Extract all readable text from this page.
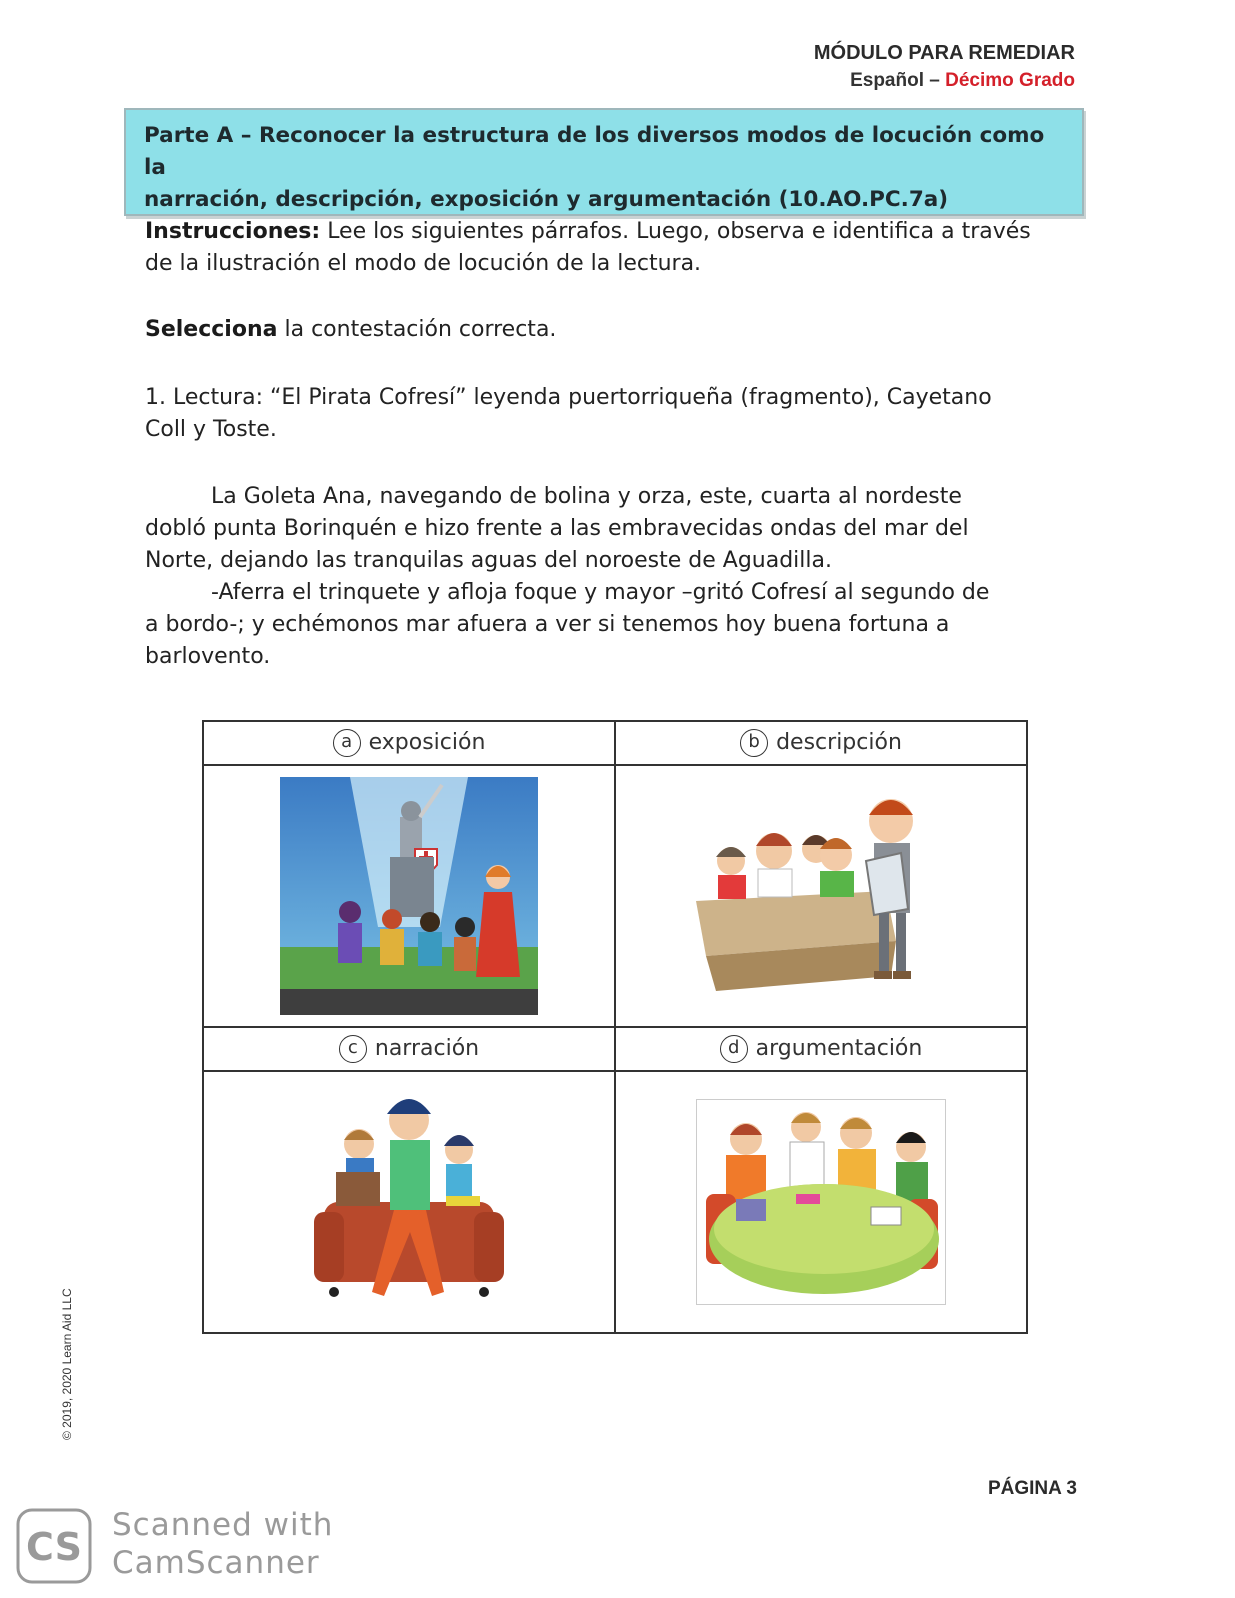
MÓDULO PARA REMEDIAR
Español – Décimo Grado
Parte A – Reconocer la estructura de los diversos modos de locución como la
narración, descripción, exposición y argumentación (10.AO.PC.7a)
Instrucciones: Lee los siguientes párrafos. Luego, observa e identifica a través
de la ilustración el modo de locución de la lectura.
Selecciona la contestación correcta.
1. Lectura: “El Pirata Cofresí” leyenda puertorriqueña (fragmento), Cayetano
Coll y Toste.
La Goleta Ana, navegando de bolina y orza, este, cuarta al nordeste
dobló punta Borinquén e hizo frente a las embravecidas ondas del mar del
Norte, dejando las tranquilas aguas del noroeste de Aguadilla.
-Aferra el trinquete y afloja foque y mayor –gritó Cofresí al segundo de
a bordo-; y echémonos mar afuera a ver si tenemos hoy buena fortuna a
barlovento.
a exposición	b descripción

c narración	d argumentación

© 2019, 2020 Learn Aid LLC
PÁGINA 3
CS Scanned with
CamScanner
